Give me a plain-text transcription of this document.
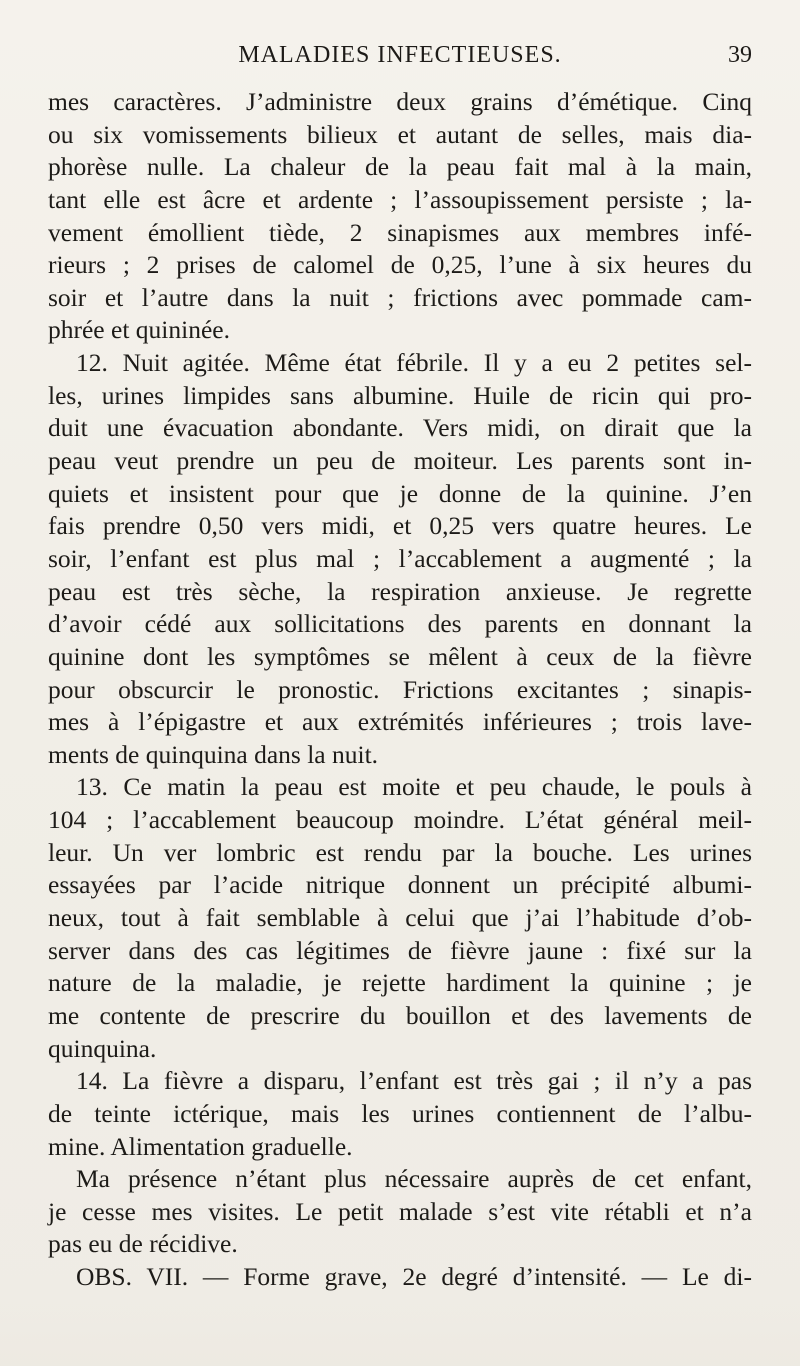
MALADIES INFECTIEUSES.	39
mes caractères. J’administre deux grains d’émétique. Cinq
ou six vomissements bilieux et autant de selles, mais dia-
phorèse nulle. La chaleur de la peau fait mal à la main,
tant elle est âcre et ardente ; l’assoupissement persiste ; la-
vement émollient tiède, 2 sinapismes aux membres infé-
rieurs ; 2 prises de calomel de 0,25, l’une à six heures du
soir et l’autre dans la nuit ; frictions avec pommade cam-
phrée et quininée.
12. Nuit agitée. Même état fébrile. Il y a eu 2 petites sel-
les, urines limpides sans albumine. Huile de ricin qui pro-
duit une évacuation abondante. Vers midi, on dirait que la
peau veut prendre un peu de moiteur. Les parents sont in-
quiets et insistent pour que je donne de la quinine. J’en
fais prendre 0,50 vers midi, et 0,25 vers quatre heures. Le
soir, l’enfant est plus mal ; l’accablement a augmenté ; la
peau est très sèche, la respiration anxieuse. Je regrette
d’avoir cédé aux sollicitations des parents en donnant la
quinine dont les symptômes se mêlent à ceux de la fièvre
pour obscurcir le pronostic. Frictions excitantes ; sinapis-
mes à l’épigastre et aux extrémités inférieures ; trois lave-
ments de quinquina dans la nuit.
13. Ce matin la peau est moite et peu chaude, le pouls à
104 ; l’accablement beaucoup moindre. L’état général meil-
leur. Un ver lombric est rendu par la bouche. Les urines
essayées par l’acide nitrique donnent un précipité albumi-
neux, tout à fait semblable à celui que j’ai l’habitude d’ob-
server dans des cas légitimes de fièvre jaune : fixé sur la
nature de la maladie, je rejette hardiment la quinine ; je
me contente de prescrire du bouillon et des lavements de
quinquina.
14. La fièvre a disparu, l’enfant est très gai ; il n’y a pas
de teinte ictérique, mais les urines contiennent de l’albu-
mine. Alimentation graduelle.
Ma présence n’étant plus nécessaire auprès de cet enfant,
je cesse mes visites. Le petit malade s’est vite rétabli et n’a
pas eu de récidive.
OBS. VII. — Forme grave, 2e degré d’intensité. — Le di-
